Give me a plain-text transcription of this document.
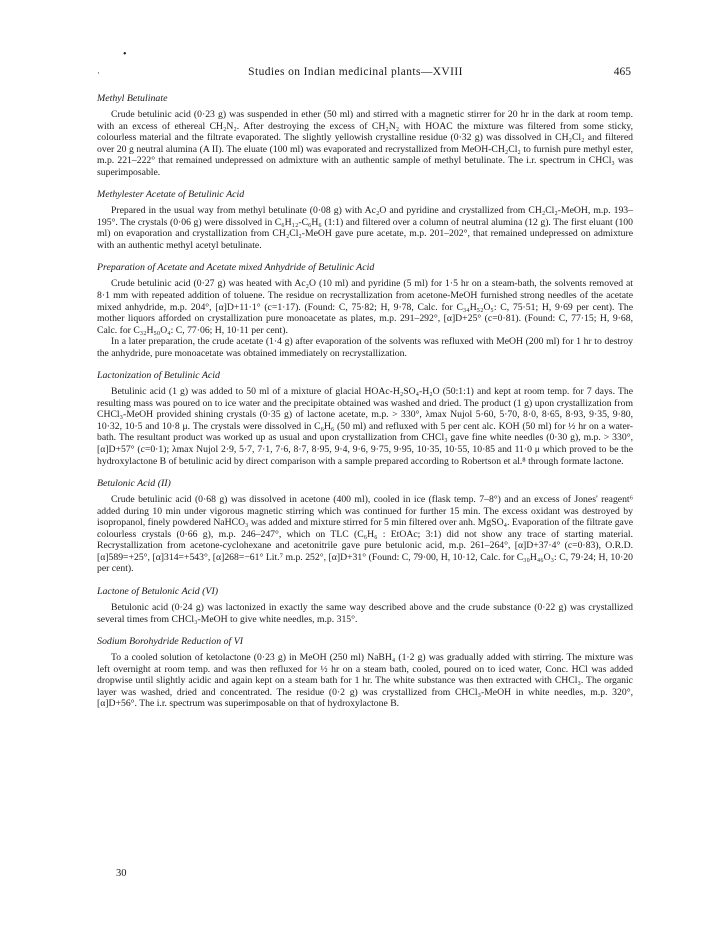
•
·	Studies on Indian medicinal plants—XVIII	465
Methyl Betulinate

Crude betulinic acid (0·23 g) was suspended in ether (50 ml) and stirred with a magnetic stirrer for 20 hr in the dark at room temp. with an excess of ethereal CH₂N₂. After destroying the excess of CH₂N₂ with HOAC the mixture was filtered from some sticky, colourless material and the filtrate evaporated. The slightly yellowish crystalline residue (0·32 g) was dissolved in CH₂Cl₂ and filtered over 20 g neutral alumina (A II). The eluate (100 ml) was evaporated and recrystallized from MeOH-CH₂Cl₂ to furnish pure methyl ester, m.p. 221–222° that remained undepressed on admixture with an authentic sample of methyl betulinate. The i.r. spectrum in CHCl₃ was superimposable.

Methylester Acetate of Betulinic Acid

Prepared in the usual way from methyl betulinate (0·08 g) with Ac₂O and pyridine and crystallized from CH₂Cl₂-MeOH, m.p. 193–195°. The crystals (0·06 g) were dissolved in C₆H₁₂-C₆H₆ (1:1) and filtered over a column of neutral alumina (12 g). The first eluant (100 ml) on evaporation and crystallization from CH₂Cl₂-MeOH gave pure acetate, m.p. 201–202°, that remained undepressed on admixture with an authentic methyl acetyl betulinate.

Preparation of Acetate and Acetate mixed Anhydride of Betulinic Acid

Crude betulinic acid (0·27 g) was heated with Ac₂O (10 ml) and pyridine (5 ml) for 1·5 hr on a steam-bath, the solvents removed at 8·1 mm with repeated addition of toluene. The residue on recrystallization from acetone-MeOH furnished strong needles of the acetate mixed anhydride, m.p. 204°, [α]D+11·1° (c=1·17). (Found: C, 75·82; H, 9·78, Calc. for C₃₄H₅₂O₅: C, 75·51; H, 9·69 per cent). The mother liquors afforded on crystallization pure monoacetate as plates, m.p. 291–292°, [α]D+25° (c=0·81). (Found: C, 77·15; H, 9·68, Calc. for C₃₂H₅₀O₄: C, 77·06; H, 10·11 per cent).

In a later preparation, the crude acetate (1·4 g) after evaporation of the solvents was refluxed with MeOH (200 ml) for 1 hr to destroy the anhydride, pure monoacetate was obtained immediately on recrystallization.

Lactonization of Betulinic Acid

Betulinic acid (1 g) was added to 50 ml of a mixture of glacial HOAc-H₂SO₄-H₂O (50:1:1) and kept at room temp. for 7 days. The resulting mass was poured on to ice water and the precipitate obtained was washed and dried. The product (1 g) upon crystallization from CHCl₃-MeOH provided shining crystals (0·35 g) of lactone acetate, m.p. > 330°, λmax Nujol 5·60, 5·70, 8·0, 8·65, 8·93, 9·35, 9·80, 10·32, 10·5 and 10·8 μ. The crystals were dissolved in C₆H₆ (50 ml) and refluxed with 5 per cent alc. KOH (50 ml) for ½ hr on a water-bath. The resultant product was worked up as usual and upon crystallization from CHCl₃ gave fine white needles (0·30 g), m.p. > 330°, [α]D+57° (c=0·1); λmax Nujol 2·9, 5·7, 7·1, 7·6, 8·7, 8·95, 9·4, 9·6, 9·75, 9·95, 10·35, 10·55, 10·85 and 11·0 μ which proved to be the hydroxylactone B of betulinic acid by direct comparison with a sample prepared according to Robertson et al.⁸ through formate lactone.

Betulonic Acid (II)

Crude betulinic acid (0·68 g) was dissolved in acetone (400 ml), cooled in ice (flask temp. 7–8°) and an excess of Jones' reagent⁶ added during 10 min under vigorous magnetic stirring which was continued for further 15 min. The excess oxidant was destroyed by isopropanol, finely powdered NaHCO₃ was added and mixture stirred for 5 min filtered over anh. MgSO₄. Evaporation of the filtrate gave colourless crystals (0·66 g), m.p. 246–247°, which on TLC (C₆H₆ : EtOAc; 3:1) did not show any trace of starting material. Recrystallization from acetone-cyclohexane and acetonitrile gave pure betulonic acid, m.p. 261–264°, [α]D+37·4° (c=0·83), O.R.D. [α]589=+25°, [α]314=+543°, [α]268=−61° Lit.⁷ m.p. 252°, [α]D+31° (Found: C, 79·00, H, 10·12, Calc. for C₃₀H₄₆O₃: C, 79·24; H, 10·20 per cent).

Lactone of Betulonic Acid (VI)

Betulonic acid (0·24 g) was lactonized in exactly the same way described above and the crude substance (0·22 g) was crystallized several times from CHCl₃-MeOH to give white needles, m.p. 315°.

Sodium Borohydride Reduction of VI

To a cooled solution of ketolactone (0·23 g) in MeOH (250 ml) NaBH₄ (1·2 g) was gradually added with stirring. The mixture was left overnight at room temp. and was then refluxed for ½ hr on a steam bath, cooled, poured on to iced water, Conc. HCl was added dropwise until slightly acidic and again kept on a steam bath for 1 hr. The white substance was then extracted with CHCl₃. The organic layer was washed, dried and concentrated. The residue (0·2 g) was crystallized from CHCl₃-MeOH in white needles, m.p. 320°, [α]D+56°. The i.r. spectrum was superimposable on that of hydroxylactone B.

30
